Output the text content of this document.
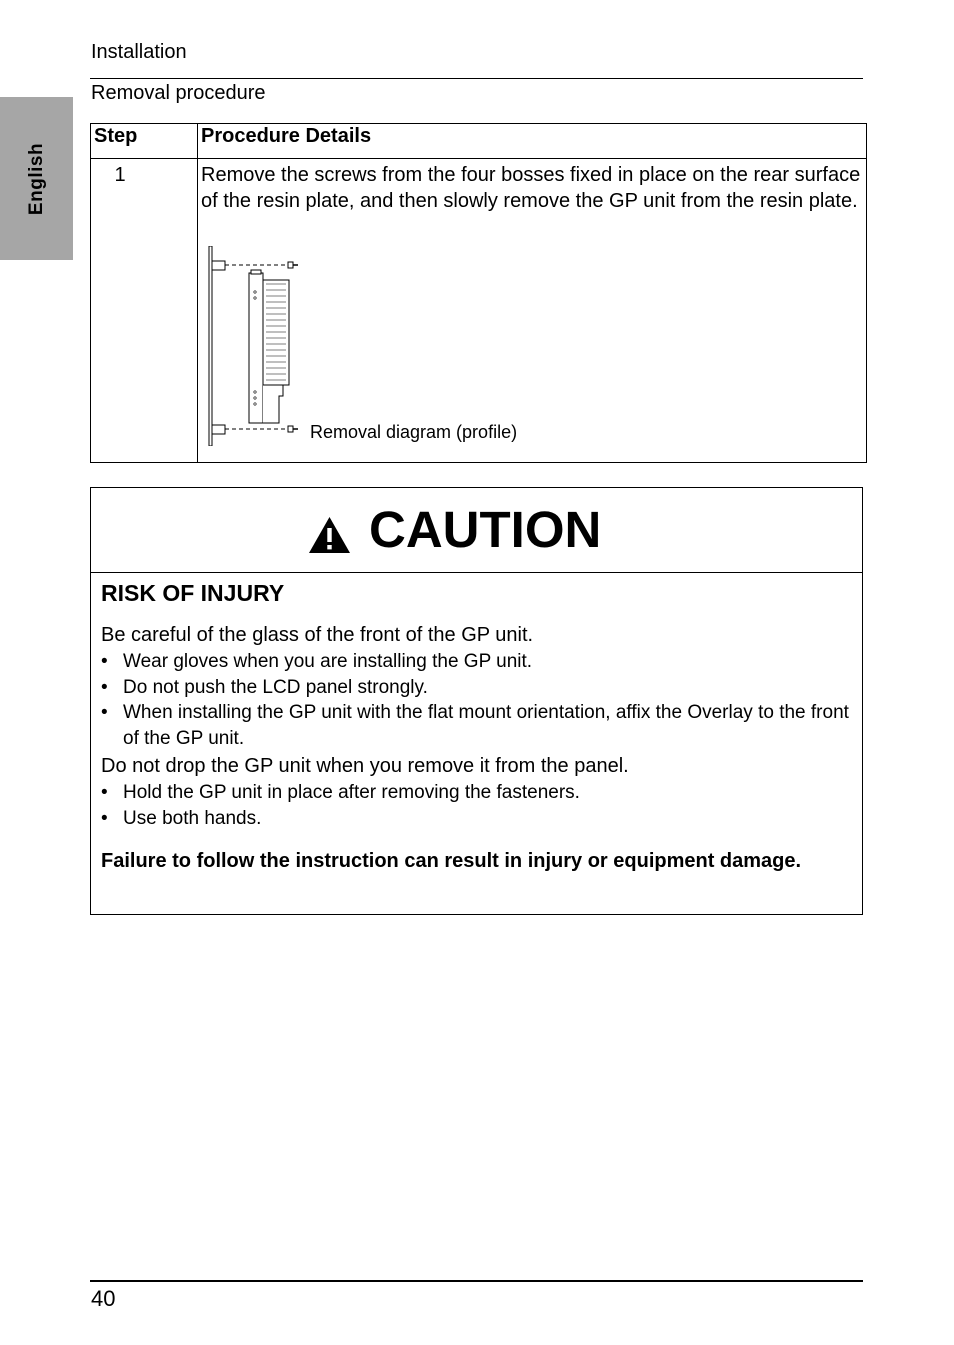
English
Installation
Removal procedure
Step	Procedure Details
1	Remove the screws from the four bosses fixed in place on the rear surface of the resin plate, and then slowly remove the GP unit from the resin plate.
Removal diagram (profile)
CAUTION

RISK OF INJURY

Be careful of the glass of the front of the GP unit.

• Wear gloves when you are installing the GP unit.
• Do not push the LCD panel strongly.
• When installing the GP unit with the flat mount orientation, affix the Overlay to the front of the GP unit.

Do not drop the GP unit when you remove it from the panel.

• Hold the GP unit in place after removing the fasteners.
• Use both hands.

Failure to follow the instruction can result in injury or equipment damage.

40
